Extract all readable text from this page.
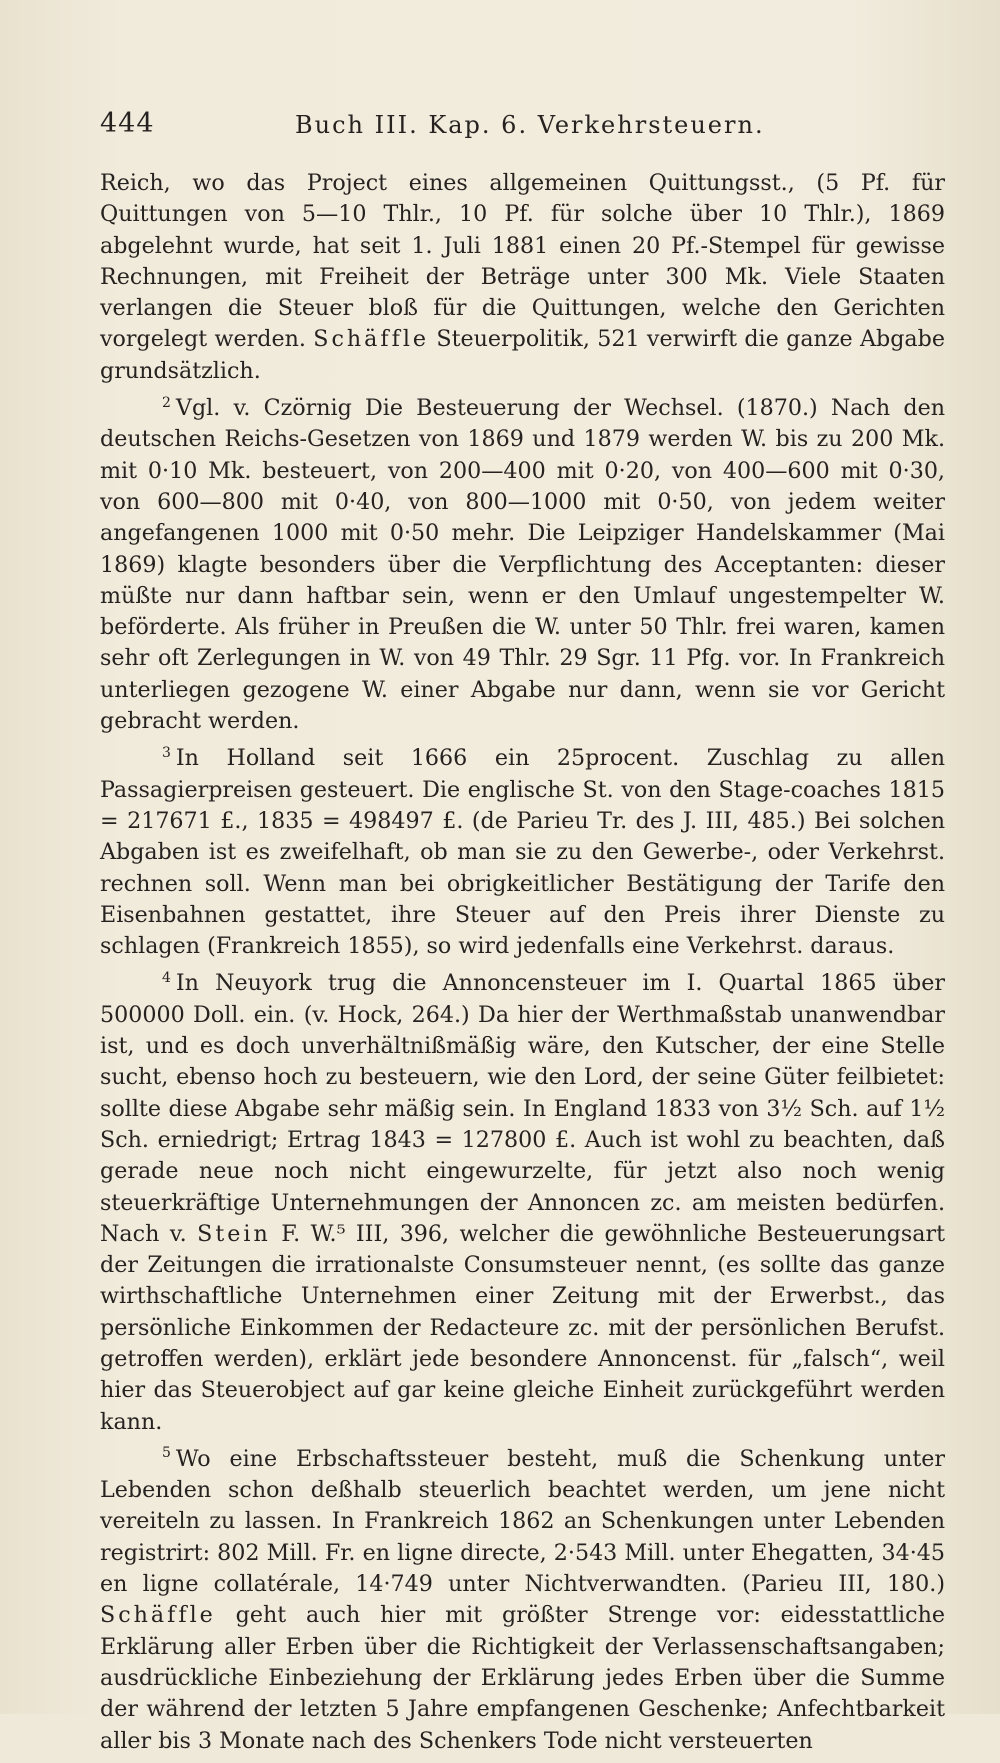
444	Buch III. Kap. 6. Verkehrsteuern.

Reich, wo das Project eines allgemeinen Quittungsst., (5 Pf. für Quittungen von 5—10 Thlr., 10 Pf. für solche über 10 Thlr.), 1869 abgelehnt wurde, hat seit 1. Juli 1881 einen 20 Pf.-Stempel für gewisse Rechnungen, mit Freiheit der Beträge unter 300 Mk. Viele Staaten verlangen die Steuer bloß für die Quittungen, welche den Gerichten vorgelegt werden. Schäffle Steuerpolitik, 521 verwirft die ganze Abgabe grundsätzlich.

$^2$ Vgl. v. Czörnig Die Besteuerung der Wechsel. (1870.) Nach den deutschen Reichs-Gesetzen von 1869 und 1879 werden W. bis zu 200 Mk. mit 0·10 Mk. besteuert, von 200—400 mit 0·20, von 400—600 mit 0·30, von 600—800 mit 0·40, von 800—1000 mit 0·50, von jedem weiter angefangenen 1000 mit 0·50 mehr. Die Leipziger Handelskammer (Mai 1869) klagte besonders über die Verpflichtung des Acceptanten: dieser müßte nur dann haftbar sein, wenn er den Umlauf ungestempelter W. beförderte. Als früher in Preußen die W. unter 50 Thlr. frei waren, kamen sehr oft Zerlegungen in W. von 49 Thlr. 29 Sgr. 11 Pfg. vor. In Frankreich unterliegen gezogene W. einer Abgabe nur dann, wenn sie vor Gericht gebracht werden.

$^3$ In Holland seit 1666 ein 25procent. Zuschlag zu allen Passagierpreisen gesteuert. Die englische St. von den Stage-coaches 1815 = 217671 £., 1835 = 498497 £. (de Parieu Tr. des J. III, 485.) Bei solchen Abgaben ist es zweifelhaft, ob man sie zu den Gewerbe-, oder Verkehrst. rechnen soll. Wenn man bei obrigkeitlicher Bestätigung der Tarife den Eisenbahnen gestattet, ihre Steuer auf den Preis ihrer Dienste zu schlagen (Frankreich 1855), so wird jedenfalls eine Verkehrst. daraus.

$^4$ In Neuyork trug die Annoncensteuer im I. Quartal 1865 über 500000 Doll. ein. (v. Hock, 264.) Da hier der Werthmaßstab unanwendbar ist, und es doch unverhältnißmäßig wäre, den Kutscher, der eine Stelle sucht, ebenso hoch zu besteuern, wie den Lord, der seine Güter feilbietet: sollte diese Abgabe sehr mäßig sein. In England 1833 von 3½ Sch. auf 1½ Sch. erniedrigt; Ertrag 1843 = 127800 £. Auch ist wohl zu beachten, daß gerade neue noch nicht eingewurzelte, für jetzt also noch wenig steuerkräftige Unternehmungen der Annoncen zc. am meisten bedürfen. Nach v. Stein F. W.⁵ III, 396, welcher die gewöhnliche Besteuerungsart der Zeitungen die irrationalste Consumsteuer nennt, (es sollte das ganze wirthschaftliche Unternehmen einer Zeitung mit der Erwerbst., das persönliche Einkommen der Redacteure zc. mit der persönlichen Berufst. getroffen werden), erklärt jede besondere Annoncenst. für „falsch“, weil hier das Steuerobject auf gar keine gleiche Einheit zurückgeführt werden kann.

$^5$ Wo eine Erbschaftssteuer besteht, muß die Schenkung unter Lebenden schon deßhalb steuerlich beachtet werden, um jene nicht vereiteln zu lassen. In Frankreich 1862 an Schenkungen unter Lebenden registrirt: 802 Mill. Fr. en ligne directe, 2·543 Mill. unter Ehegatten, 34·45 en ligne collatérale, 14·749 unter Nichtverwandten. (Parieu III, 180.) Schäffle geht auch hier mit größter Strenge vor: eidesstattliche Erklärung aller Erben über die Richtigkeit der Verlassenschaftsangaben; ausdrückliche Einbeziehung der Erklärung jedes Erben über die Summe der während der letzten 5 Jahre empfangenen Geschenke; Anfechtbarkeit aller bis 3 Monate nach des Schenkers Tode nicht versteuerten
